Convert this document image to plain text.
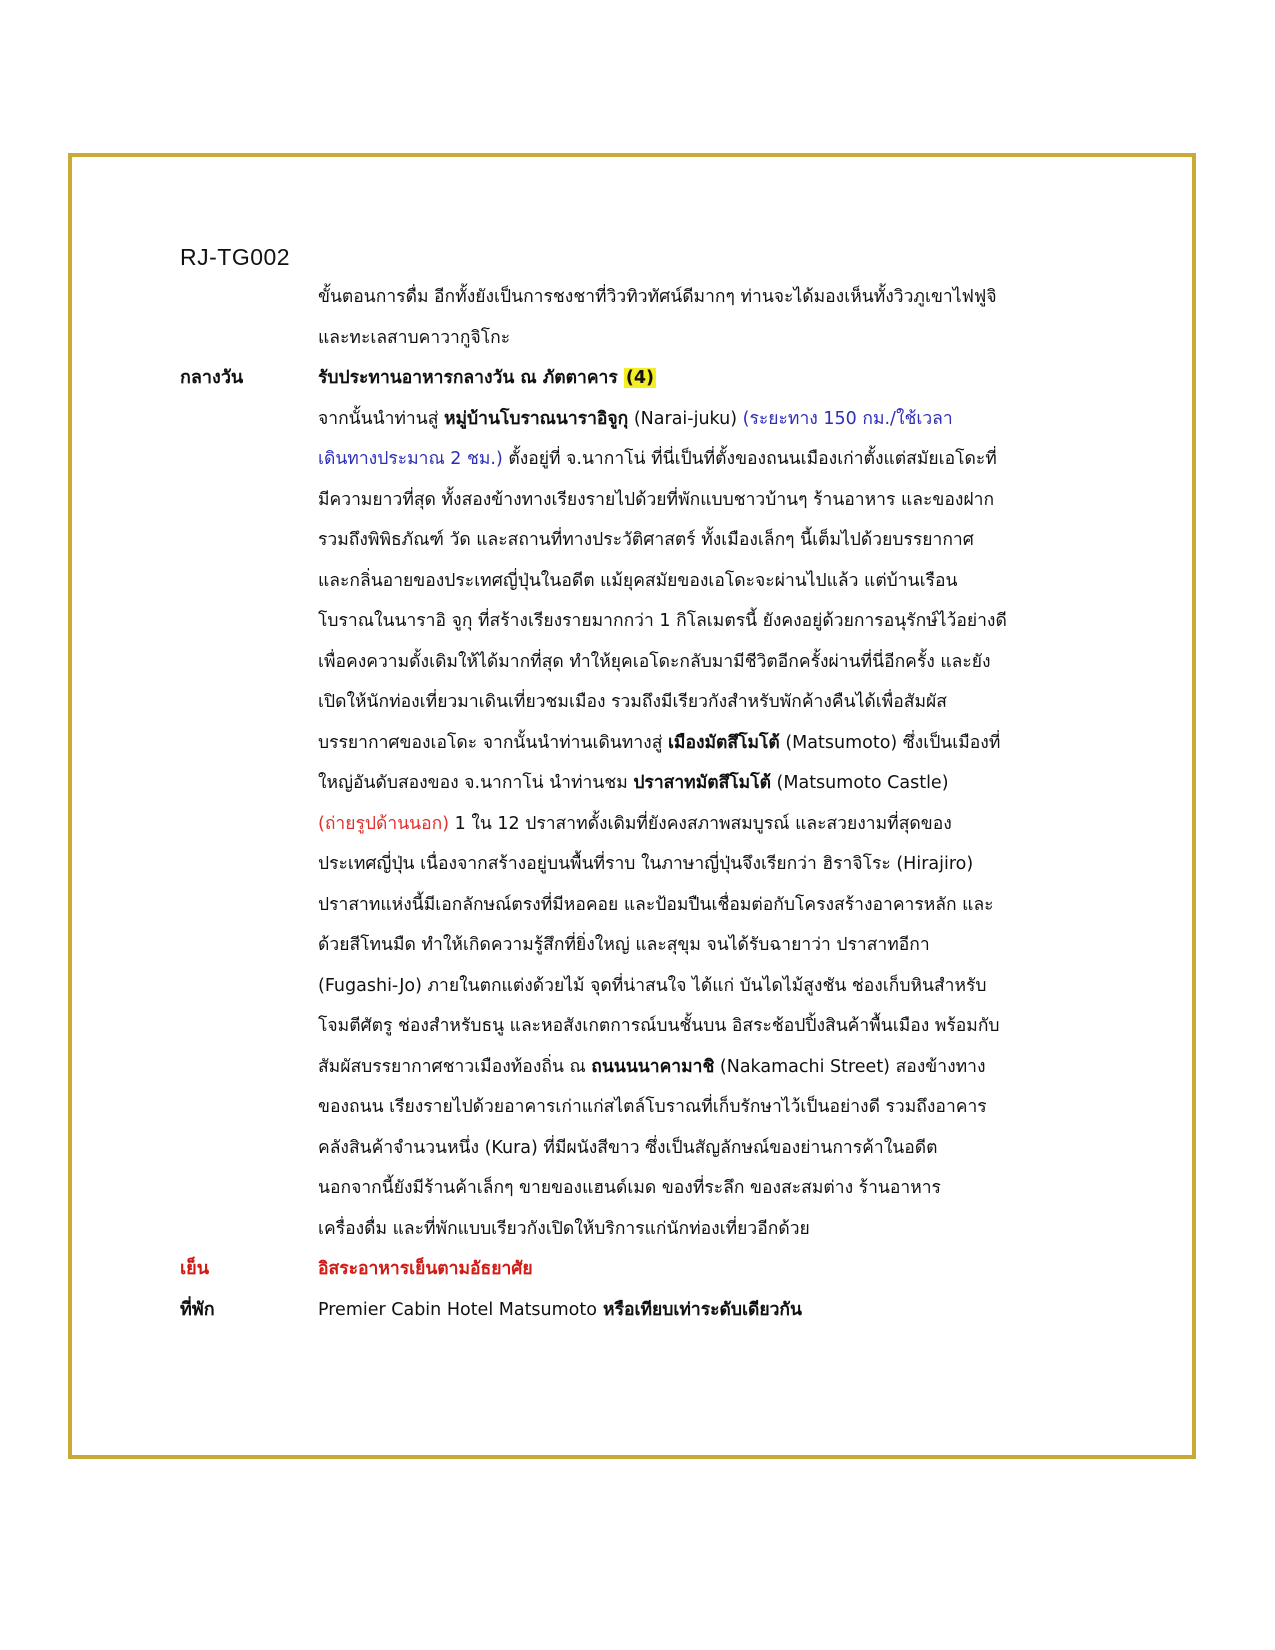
RJ-TG002
ขั้นตอนการดื่ม อีกทั้งยังเป็นการชงชาที่วิวทิวทัศน์ดีมากๆ ท่านจะได้มองเห็นทั้งวิวภูเขาไฟฟูจิ
และทะเลสาบคาวากูจิโกะ
กลางวัน	รับประทานอาหารกลางวัน ณ ภัตตาคาร (4)
จากนั้นนำท่านสู่ หมู่บ้านโบราณนาราอิจูกุ (Narai-juku) (ระยะทาง 150 กม./ใช้เวลา
เดินทางประมาณ 2 ชม.) ตั้งอยู่ที่ จ.นากาโน่ ที่นี่เป็นที่ตั้งของถนนเมืองเก่าตั้งแต่สมัยเอโดะที่
มีความยาวที่สุด ทั้งสองข้างทางเรียงรายไปด้วยที่พักแบบชาวบ้านๆ ร้านอาหาร และของฝาก
รวมถึงพิพิธภัณฑ์ วัด และสถานที่ทางประวัติศาสตร์ ทั้งเมืองเล็กๆ นี้เต็มไปด้วยบรรยากาศ
และกลิ่นอายของประเทศญี่ปุ่นในอดีต แม้ยุคสมัยของเอโดะจะผ่านไปแล้ว แต่บ้านเรือน
โบราณในนาราอิ จูกุ ที่สร้างเรียงรายมากกว่า 1 กิโลเมตรนี้ ยังคงอยู่ด้วยการอนุรักษ์ไว้อย่างดี
เพื่อคงความดั้งเดิมให้ได้มากที่สุด ทำให้ยุคเอโดะกลับมามีชีวิตอีกครั้งผ่านที่นี่อีกครั้ง และยัง
เปิดให้นักท่องเที่ยวมาเดินเที่ยวชมเมือง รวมถึงมีเรียวกังสำหรับพักค้างคืนได้เพื่อสัมผัส
บรรยากาศของเอโดะ จากนั้นนำท่านเดินทางสู่ เมืองมัตสึโมโต้ (Matsumoto) ซึ่งเป็นเมืองที่
ใหญ่อันดับสองของ จ.นากาโน่ นำท่านชม ปราสาทมัตสึโมโต้ (Matsumoto Castle)
(ถ่ายรูปด้านนอก) 1 ใน 12 ปราสาทดั้งเดิมที่ยังคงสภาพสมบูรณ์ และสวยงามที่สุดของ
ประเทศญี่ปุ่น เนื่องจากสร้างอยู่บนพื้นที่ราบ ในภาษาญี่ปุ่นจึงเรียกว่า ฮิราจิโระ (Hirajiro)
ปราสาทแห่งนี้มีเอกลักษณ์ตรงที่มีหอคอย และป้อมปืนเชื่อมต่อกับโครงสร้างอาคารหลัก และ
ด้วยสีโทนมืด ทำให้เกิดความรู้สึกที่ยิ่งใหญ่ และสุขุม จนได้รับฉายาว่า ปราสาทอีกา
(Fugashi-Jo) ภายในตกแต่งด้วยไม้ จุดที่น่าสนใจ ได้แก่ บันไดไม้สูงชัน ช่องเก็บหินสำหรับ
โจมตีศัตรู ช่องสำหรับธนู และหอสังเกตการณ์บนชั้นบน อิสระช้อปปิ้งสินค้าพื้นเมือง พร้อมกับ
สัมผัสบรรยากาศชาวเมืองท้องถิ่น ณ ถนนนนาคามาชิ (Nakamachi Street) สองข้างทาง
ของถนน เรียงรายไปด้วยอาคารเก่าแก่สไตล์โบราณที่เก็บรักษาไว้เป็นอย่างดี รวมถึงอาคาร
คลังสินค้าจำนวนหนึ่ง (Kura) ที่มีผนังสีขาว ซึ่งเป็นสัญลักษณ์ของย่านการค้าในอดีต
นอกจากนี้ยังมีร้านค้าเล็กๆ ขายของแฮนด์เมด ของที่ระลึก ของสะสมต่าง ร้านอาหาร
เครื่องดื่ม และที่พักแบบเรียวกังเปิดให้บริการแก่นักท่องเที่ยวอีกด้วย
เย็น	อิสระอาหารเย็นตามอัธยาศัย
ที่พัก	Premier Cabin Hotel Matsumoto หรือเทียบเท่าระดับเดียวกัน
